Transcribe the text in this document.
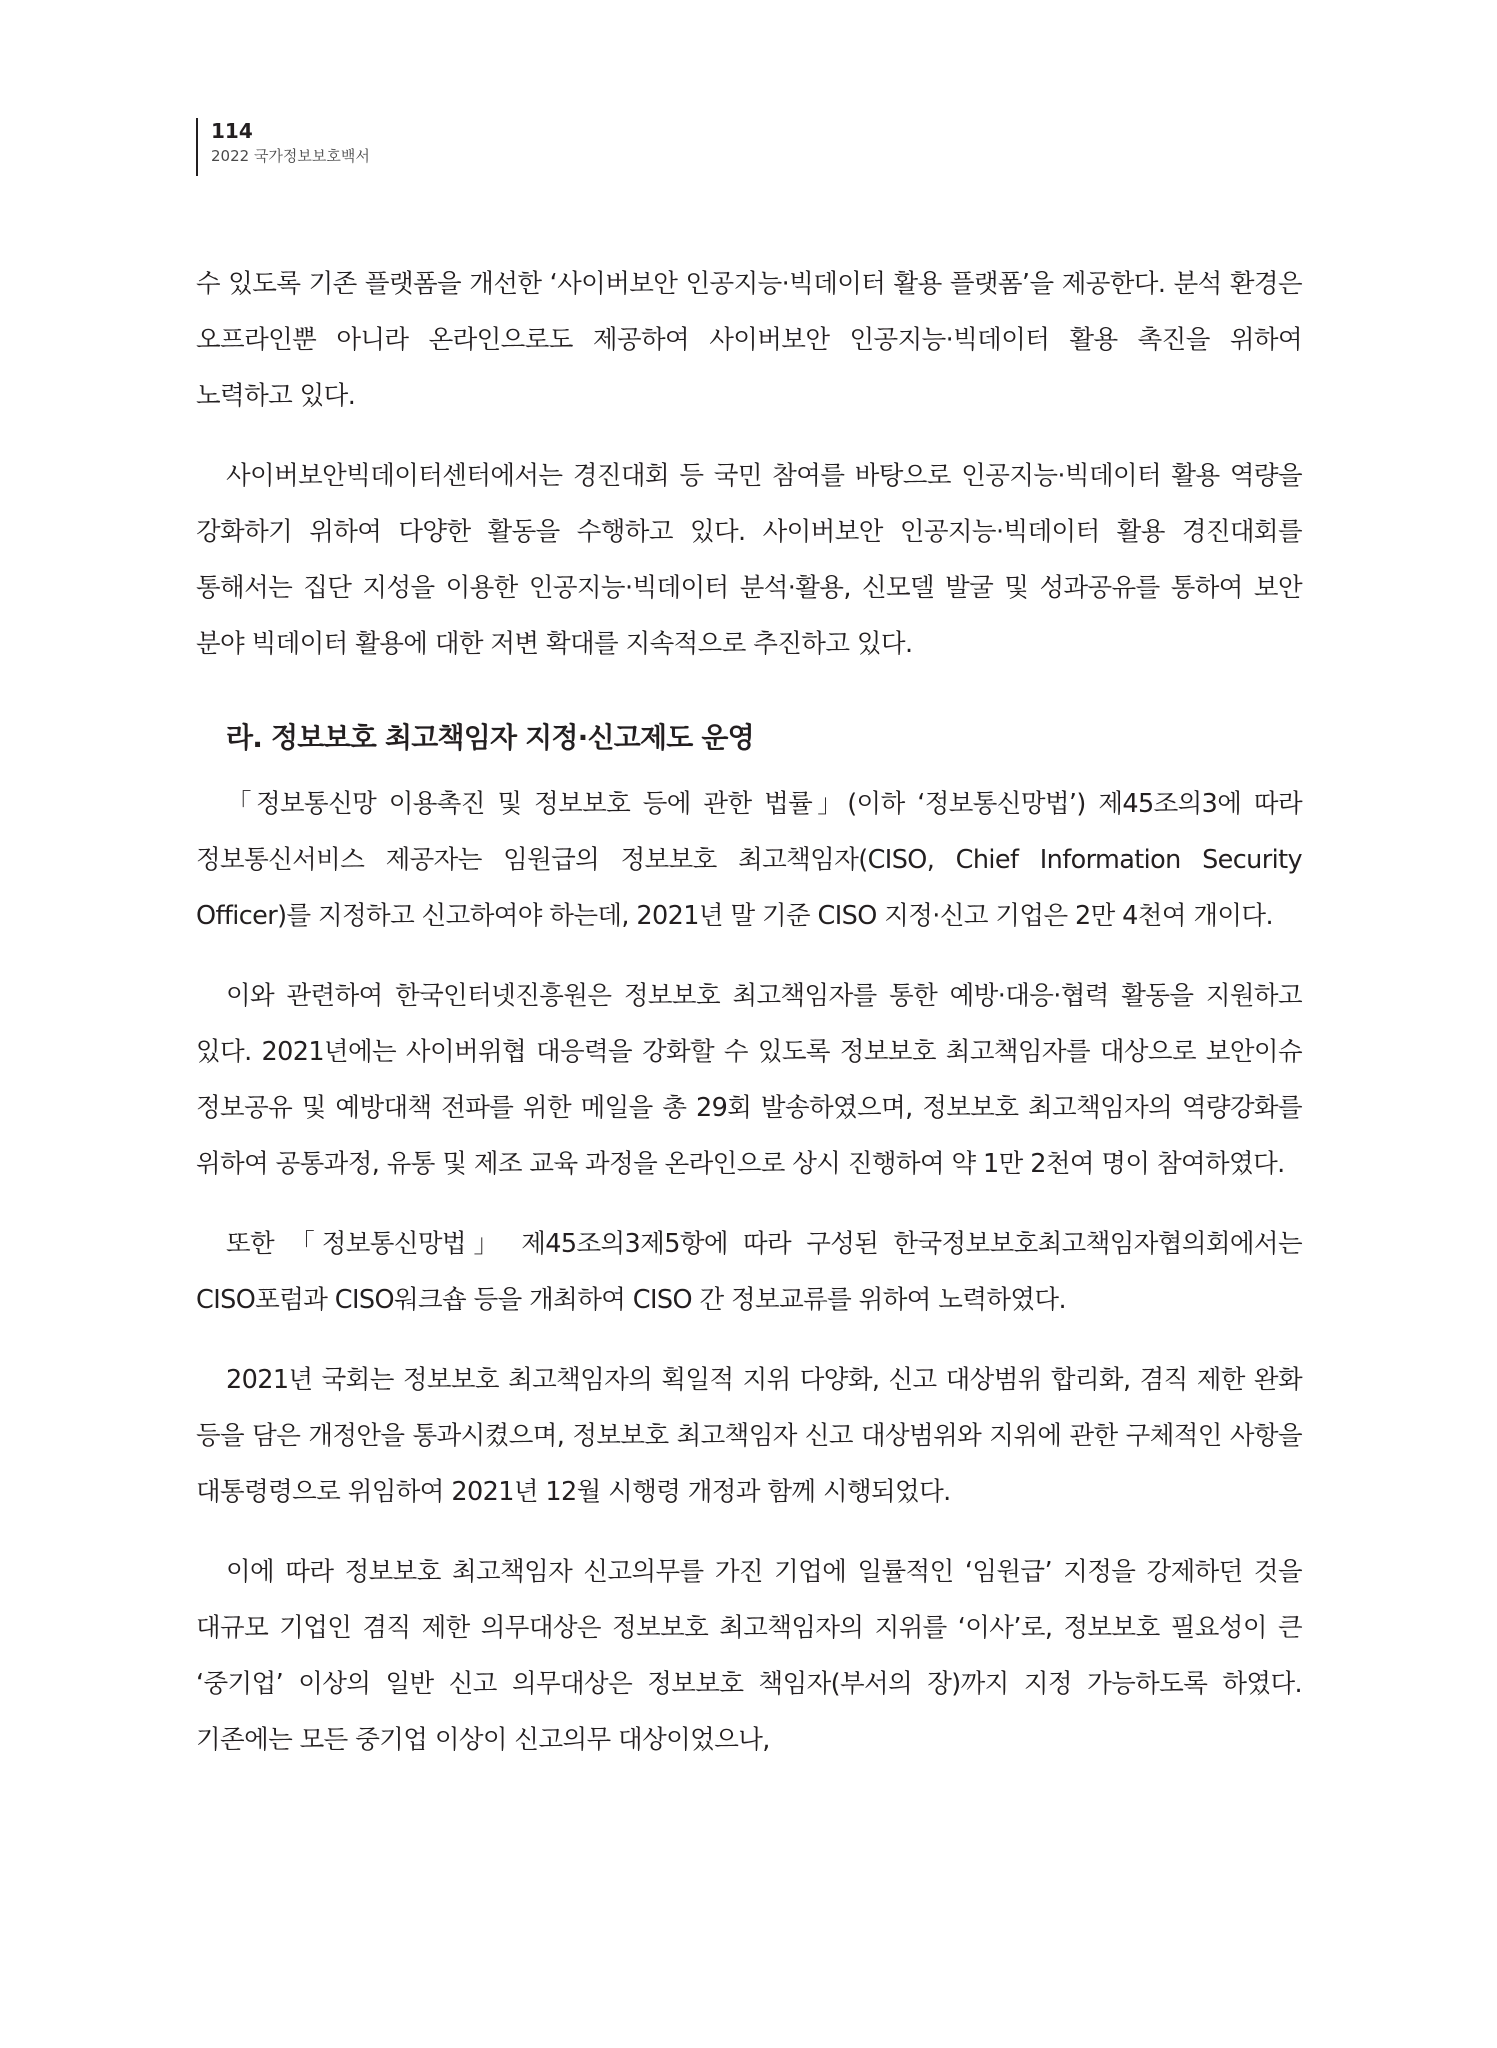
114
2022 국가정보보호백서

수 있도록 기존 플랫폼을 개선한 ‘사이버보안 인공지능·빅데이터 활용 플랫폼’을 제공한다. 분석 환경은 오프라인뿐 아니라 온라인으로도 제공하여 사이버보안 인공지능·빅데이터 활용 촉진을 위하여 노력하고 있다.

사이버보안빅데이터센터에서는 경진대회 등 국민 참여를 바탕으로 인공지능·빅데이터 활용 역량을 강화하기 위하여 다양한 활동을 수행하고 있다. 사이버보안 인공지능·빅데이터 활용 경진대회를 통해서는 집단 지성을 이용한 인공지능·빅데이터 분석·활용, 신모델 발굴 및 성과공유를 통하여 보안 분야 빅데이터 활용에 대한 저변 확대를 지속적으로 추진하고 있다.

라. 정보보호 최고책임자 지정·신고제도 운영

「정보통신망 이용촉진 및 정보보호 등에 관한 법률」(이하 ‘정보통신망법’) 제45조의3에 따라 정보통신서비스 제공자는 임원급의 정보보호 최고책임자(CISO, Chief Information Security Officer)를 지정하고 신고하여야 하는데, 2021년 말 기준 CISO 지정·신고 기업은 2만 4천여 개이다.

이와 관련하여 한국인터넷진흥원은 정보보호 최고책임자를 통한 예방·대응·협력 활동을 지원하고 있다. 2021년에는 사이버위협 대응력을 강화할 수 있도록 정보보호 최고책임자를 대상으로 보안이슈 정보공유 및 예방대책 전파를 위한 메일을 총 29회 발송하였으며, 정보보호 최고책임자의 역량강화를 위하여 공통과정, 유통 및 제조 교육 과정을 온라인으로 상시 진행하여 약 1만 2천여 명이 참여하였다.

또한 「정보통신망법」 제45조의3제5항에 따라 구성된 한국정보보호최고책임자협의회에서는 CISO포럼과 CISO워크숍 등을 개최하여 CISO 간 정보교류를 위하여 노력하였다.

2021년 국회는 정보보호 최고책임자의 획일적 지위 다양화, 신고 대상범위 합리화, 겸직 제한 완화 등을 담은 개정안을 통과시켰으며, 정보보호 최고책임자 신고 대상범위와 지위에 관한 구체적인 사항을 대통령령으로 위임하여 2021년 12월 시행령 개정과 함께 시행되었다.

이에 따라 정보보호 최고책임자 신고의무를 가진 기업에 일률적인 ‘임원급’ 지정을 강제하던 것을 대규모 기업인 겸직 제한 의무대상은 정보보호 최고책임자의 지위를 ‘이사’로, 정보보호 필요성이 큰 ‘중기업’ 이상의 일반 신고 의무대상은 정보보호 책임자(부서의 장)까지 지정 가능하도록 하였다. 기존에는 모든 중기업 이상이 신고의무 대상이었으나,
